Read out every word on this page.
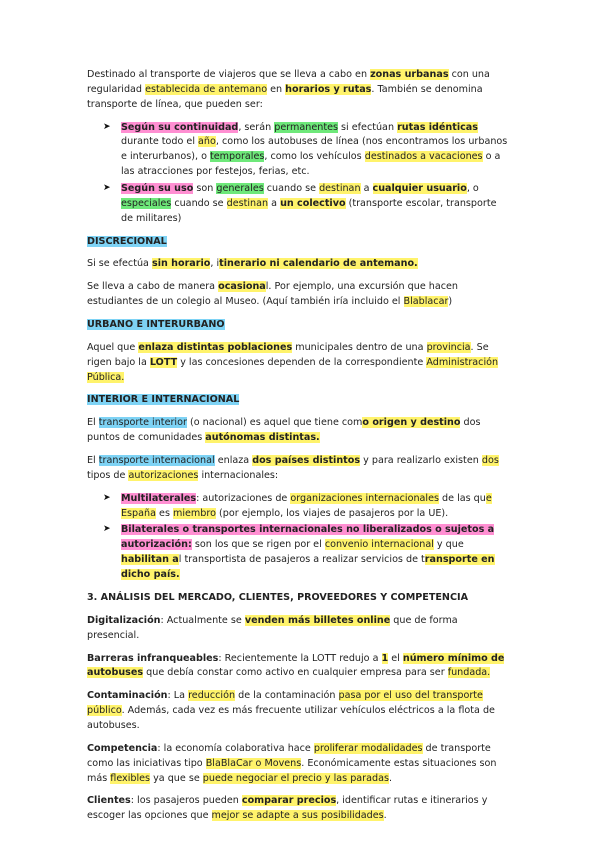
Destinado al transporte de viajeros que se lleva a cabo en zonas urbanas con una regularidad establecida de antemano en horarios y rutas. También se denomina transporte de línea, que pueden ser:

➤ Según su continuidad, serán permanentes si efectúan rutas idénticas durante todo el año, como los autobuses de línea (nos encontramos los urbanos e interurbanos), o temporales, como los vehículos destinados a vacaciones o a las atracciones por festejos, ferias, etc.
➤ Según su uso son generales cuando se destinan a cualquier usuario, o especiales cuando se destinan a un colectivo (transporte escolar, transporte de militares)

DISCRECIONAL

Si se efectúa sin horario, itinerario ni calendario de antemano.

Se lleva a cabo de manera ocasional. Por ejemplo, una excursión que hacen estudiantes de un colegio al Museo. (Aquí también iría incluido el Blablacar)

URBANO E INTERURBANO

Aquel que enlaza distintas poblaciones municipales dentro de una provincia. Se rigen bajo la LOTT y las concesiones dependen de la correspondiente Administración Pública.

INTERIOR E INTERNACIONAL

El transporte interior (o nacional) es aquel que tiene como origen y destino dos puntos de comunidades autónomas distintas.

El transporte internacional enlaza dos países distintos y para realizarlo existen dos tipos de autorizaciones internacionales:

➤ Multilaterales: autorizaciones de organizaciones internacionales de las que España es miembro (por ejemplo, los viajes de pasajeros por la UE).
➤ Bilaterales o transportes internacionales no liberalizados o sujetos a autorización: son los que se rigen por el convenio internacional y que habilitan al transportista de pasajeros a realizar servicios de transporte en dicho país.

3. ANÁLISIS DEL MERCADO, CLIENTES, PROVEEDORES Y COMPETENCIA

Digitalización: Actualmente se venden más billetes online que de forma presencial.

Barreras infranqueables: Recientemente la LOTT redujo a 1 el número mínimo de autobuses que debía constar como activo en cualquier empresa para ser fundada.

Contaminación: La reducción de la contaminación pasa por el uso del transporte público. Además, cada vez es más frecuente utilizar vehículos eléctricos a la flota de autobuses.

Competencia: la economía colaborativa hace proliferar modalidades de transporte como las iniciativas tipo BlaBlaCar o Movens. Económicamente estas situaciones son más flexibles ya que se puede negociar el precio y las paradas.

Clientes: los pasajeros pueden comparar precios, identificar rutas e itinerarios y escoger las opciones que mejor se adapte a sus posibilidades.
